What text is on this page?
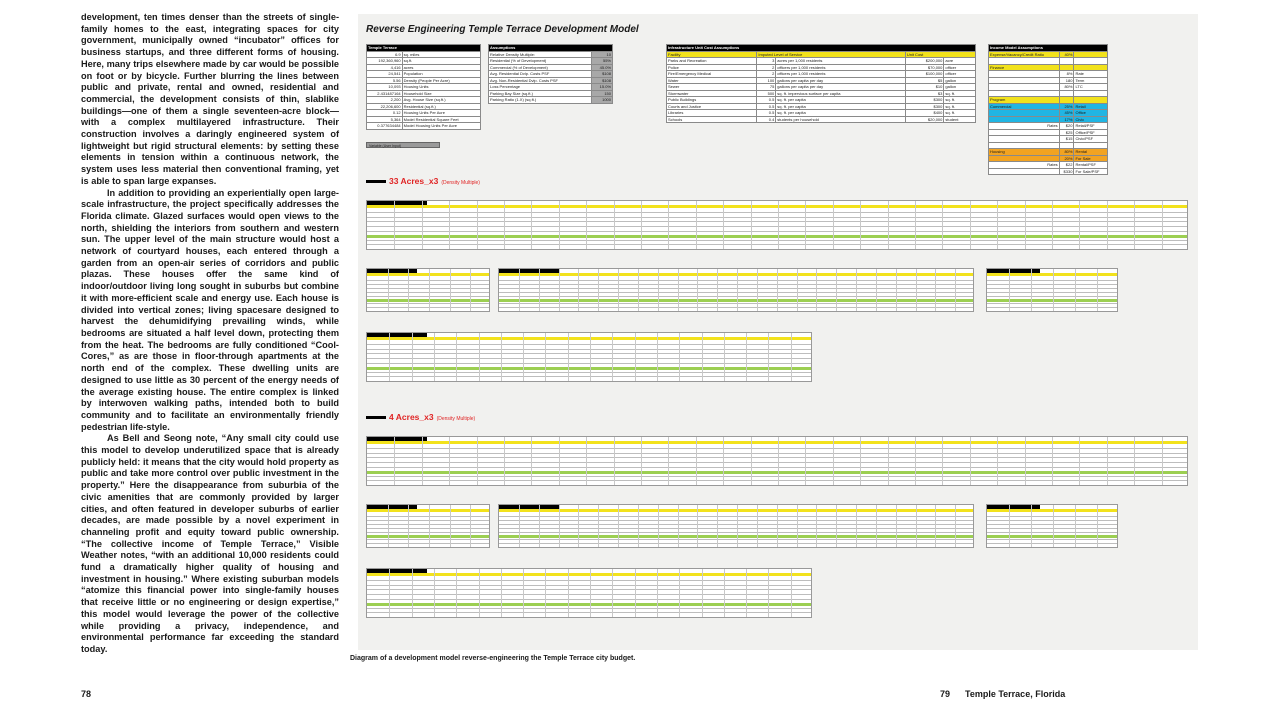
development, ten times denser than the streets of single-family homes to the east, integrating spaces for city government, municipally owned “incubator” offices for business startups, and three different forms of housing. Here, many trips elsewhere made by car would be possible on foot or by bicycle. Further blurring the lines between public and private, rental and owned, residential and commercial, the development consists of thin, slablike buildings—one of them a single seventeen-acre block—with a complex multilayered infrastructure. Their construction involves a daringly engineered system of lightweight but rigid structural elements: by setting these elements in tension within a continuous network, the system uses less material then conventional framing, yet is able to span large expanses.

In addition to providing an experientially open large-scale infrastructure, the project specifically addresses the Florida climate. Glazed surfaces would open views to the north, shielding the interiors from southern and western sun. The upper level of the main structure would host a network of courtyard houses, each entered through a garden from an open-air series of corridors and public plazas. These houses offer the same kind of indoor/outdoor living long sought in suburbs but combine it with more-efficient scale and energy use. Each house is divided into vertical zones; living spacesare designed to harvest the dehumidifying prevailing winds, while bedrooms are situated a half level down, protecting them from the heat. The bedrooms are fully conditioned “Cool-Cores,” as are those in floor-through apartments at the north end of the complex. These dwelling units are designed to use little as 30 percent of the energy needs of the average existing house. The entire complex is linked by interwoven walking paths, intended both to build community and to facilitate an environmentally friendly pedestrian life-style.

As Bell and Seong note, “Any small city could use this model to develop underutilized space that is already publicly held: it means that the city would hold property as public and take more control over public investment in the property.” Here the disappearance from suburbia of the civic amenities that are commonly provided by larger cities, and often featured in developer suburbs of earlier decades, are made possible by a novel experiment in channeling profit and equity toward public ownership. “The collective income of Temple Terrace,” Visible Weather notes, “with an additional 10,000 residents could fund a dramatically higher quality of housing and investment in housing.” Where existing suburban models “atomize this financial power into single-family houses that receive little or no engineering or design expertise,” this model would leverage the power of the collective while providing a privacy, independence, and environmental performance far exceeding the standard today.

78
Reverse Engineering Temple Terrace Development Model
Temple Terrace	
6.9	sq. miles
192,360,960	sq.ft.
4,416	acres
24,541	Population
5.56	Density (People Per Acre)
10,093	Housing Units
2.431487164	Household Size
2,200	Avg. House Size (sq.ft.)
22,206,600	Residential (sq.ft.)
0.12	Housing Units Per Acre
5,364	Model Residential Square Feet
0.377634484	Model Housing Units Per Acre
Variable (User Input)
Assumptions	
Relative Density Multiple:	10
Residential (% of Development)	55%
Commercial (% of Development)	45.0%
Avg. Residential Dvlp. Costs PSF	$108
Avg. Non-Residential Dvlp. Costs PSF	$108
Loss Percentage	15.0%
Parking Bay Size (sq.ft.)	150
Parking Ratio (1.X) (sq.ft.)	1000
Infrastructure Unit Cost Assumptions				
Facility	Imputed Level of Service		Unit Cost	
Parks and Recreation	3	acres per 1,000 residents	$200,000	acre
Police	2	officers per 1,000 residents	$70,000	officer
Fire/Emergency Medical	2	officers per 1,000 residents	$100,000	officer
Water	100	gallons per capita per day	$5	gallon
Sewer	75	gallons per capita per day	$10	gallon
Stormwater	500	sq. ft. impervious surface per capita	$3	sq. ft.
Public Buildings	0.5	sq. ft. per capita	$300	sq. ft.
Courts and Justice	0.5	sq. ft. per capita	$300	sq. ft.
Libraries	0.5	sq. ft. per capita	$400	sq. ft.
Schools	0.4	students per household	$20,000	student
Income Model Assumptions		
Expense/Vacancy/Credit Ratio	40%	

Finance		
	8%	Rate
	180	Term
	80%	LTC

Program		
Commercial	25%	Retail
	45%	Office
	17%	Civic
Rates	$20	Retail/PSF
	$25	Office/PSF
	$15	Civic/PSF

Housing	80%	Rental
	20%	For Sale
Rates	$22	Rental/PSF
	$330	For Sale/PSF
33 Acres_x3 (Density Multiple)
4 Acres_x3 (Density Multiple)
Diagram of a development model reverse-engineering the Temple Terrace city budget.
79 Temple Terrace, Florida
